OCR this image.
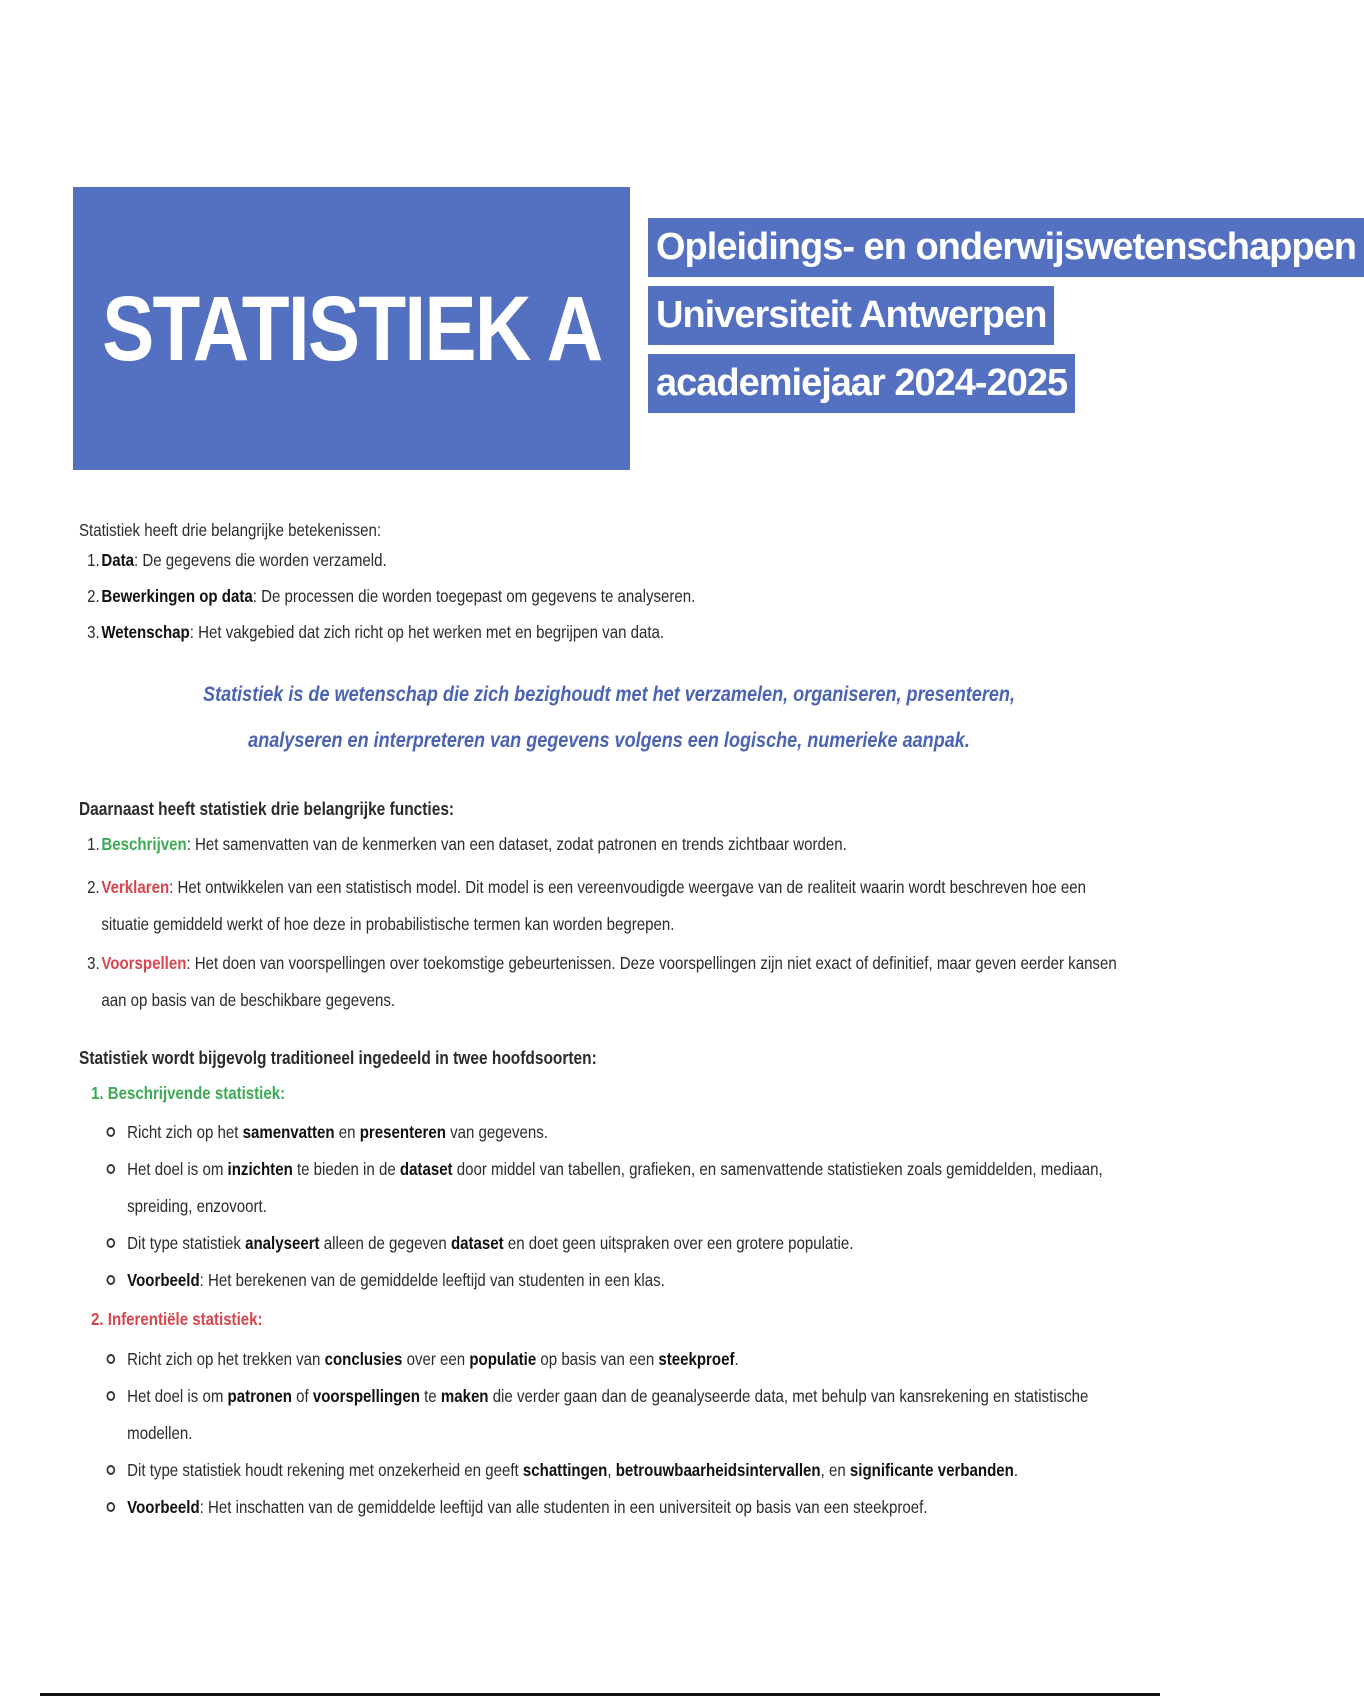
STATISTIEK A
Opleidings- en onderwijswetenschappen
Universiteit Antwerpen
academiejaar 2024-2025

Statistiek heeft drie belangrijke betekenissen:

1. Data: De gegevens die worden verzameld.
2. Bewerkingen op data: De processen die worden toegepast om gegevens te analyseren.
3. Wetenschap: Het vakgebied dat zich richt op het werken met en begrijpen van data.
Statistiek is de wetenschap die zich bezighoudt met het verzamelen, organiseren, presenteren,
analyseren en interpreteren van gegevens volgens een logische, numerieke aanpak.

Daarnaast heeft statistiek drie belangrijke functies:

1. Beschrijven: Het samenvatten van de kenmerken van een dataset, zodat patronen en trends zichtbaar worden.
2. Verklaren: Het ontwikkelen van een statistisch model. Dit model is een vereenvoudigde weergave van de realiteit waarin wordt beschreven hoe een situatie gemiddeld werkt of hoe deze in probabilistische termen kan worden begrepen.
3. Voorspellen: Het doen van voorspellingen over toekomstige gebeurtenissen. Deze voorspellingen zijn niet exact of definitief, maar geven eerder kansen aan op basis van de beschikbare gegevens.

Statistiek wordt bijgevolg traditioneel ingedeeld in twee hoofdsoorten:

1. Beschrijvende statistiek:

Richt zich op het samenvatten en presenteren van gegevens.
Het doel is om inzichten te bieden in de dataset door middel van tabellen, grafieken, en samenvattende statistieken zoals gemiddelden, mediaan, spreiding, enzovoort.
Dit type statistiek analyseert alleen de gegeven dataset en doet geen uitspraken over een grotere populatie.
Voorbeeld: Het berekenen van de gemiddelde leeftijd van studenten in een klas.

2. Inferentiële statistiek:

Richt zich op het trekken van conclusies over een populatie op basis van een steekproef.
Het doel is om patronen of voorspellingen te maken die verder gaan dan de geanalyseerde data, met behulp van kansrekening en statistische modellen.
Dit type statistiek houdt rekening met onzekerheid en geeft schattingen, betrouwbaarheidsintervallen, en significante verbanden.
Voorbeeld: Het inschatten van de gemiddelde leeftijd van alle studenten in een universiteit op basis van een steekproef.
